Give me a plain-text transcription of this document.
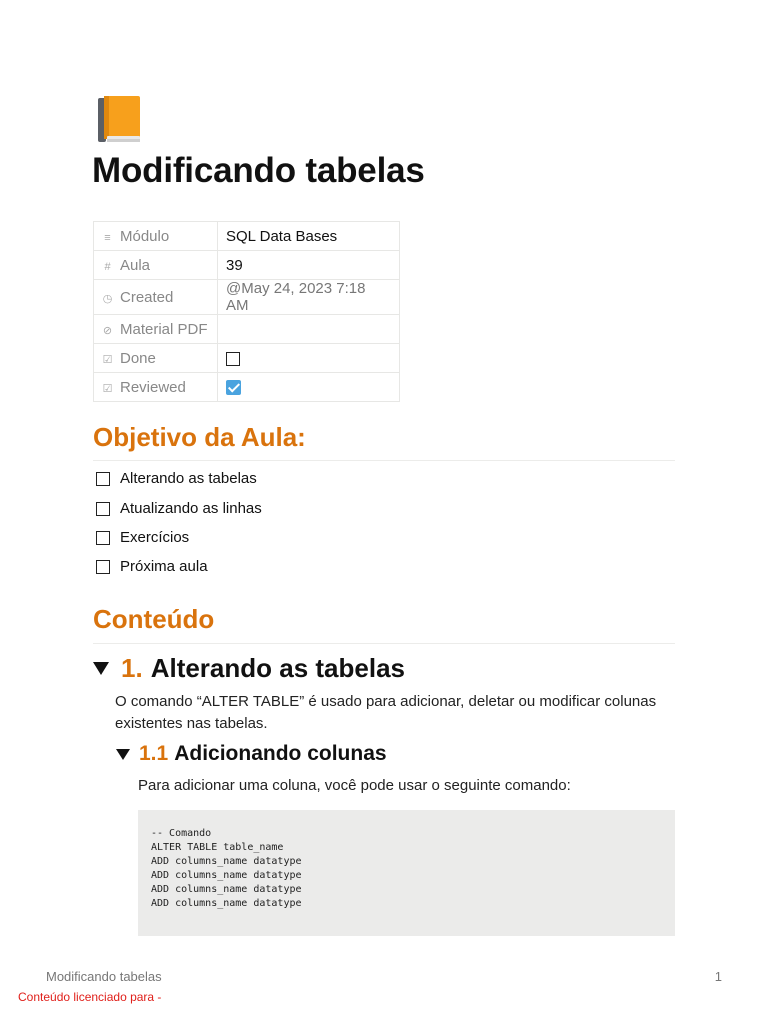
Modificando tabelas
≡ Módulo	SQL Data Bases
# Aula	39
◷ Created	@May 24, 2023 7:18 AM
⊘ Material PDF	
☑ Done	
☑ Reviewed	
Objetivo da Aula:
Alterando as tabelas
Atualizando as linhas
Exercícios
Próxima aula
Conteúdo
1. Alterando as tabelas

O comando “ALTER TABLE” é usado para adicionar, deletar ou modificar colunas existentes nas tabelas.

1.1 Adicionando colunas

Para adicionar uma coluna, você pode usar o seguinte comando:

-- Comando
ALTER TABLE table_name
ADD columns_name datatype
ADD columns_name datatype
ADD columns_name datatype
ADD columns_name datatype
Modificando tabelas	1
Conteúdo licenciado para -
